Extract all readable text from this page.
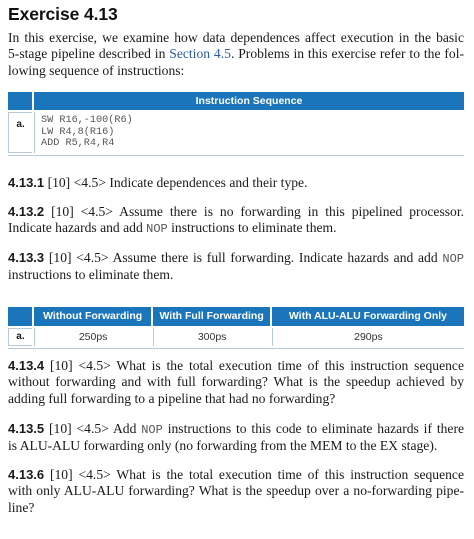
Exercise 4.13
In this exercise, we examine how data dependences affect execution in the basic
5-stage pipeline described in Section 4.5. Problems in this exercise refer to the fol-
lowing sequence of instructions:
Instruction Sequence
a.	SW R16,-100(R6)
LW R4,8(R16)
ADD R5,R4,R4
4.13.1 [10] <4.5> Indicate dependences and their type.
4.13.2 [10] <4.5> Assume there is no forwarding in this pipelined processor.
Indicate hazards and add NOP instructions to eliminate them.
4.13.3 [10] <4.5> Assume there is full forwarding. Indicate hazards and add NOP
instructions to eliminate them.
Without Forwarding	With Full Forwarding	With ALU-ALU Forwarding Only
a.	250ps	300ps	290ps
4.13.4 [10] <4.5> What is the total execution time of this instruction sequence
without forwarding and with full forwarding? What is the speedup achieved by
adding full forwarding to a pipeline that had no forwarding?
4.13.5 [10] <4.5> Add NOP instructions to this code to eliminate hazards if there
is ALU-ALU forwarding only (no forwarding from the MEM to the EX stage).
4.13.6 [10] <4.5> What is the total execution time of this instruction sequence
with only ALU-ALU forwarding? What is the speedup over a no-forwarding pipe-
line?
